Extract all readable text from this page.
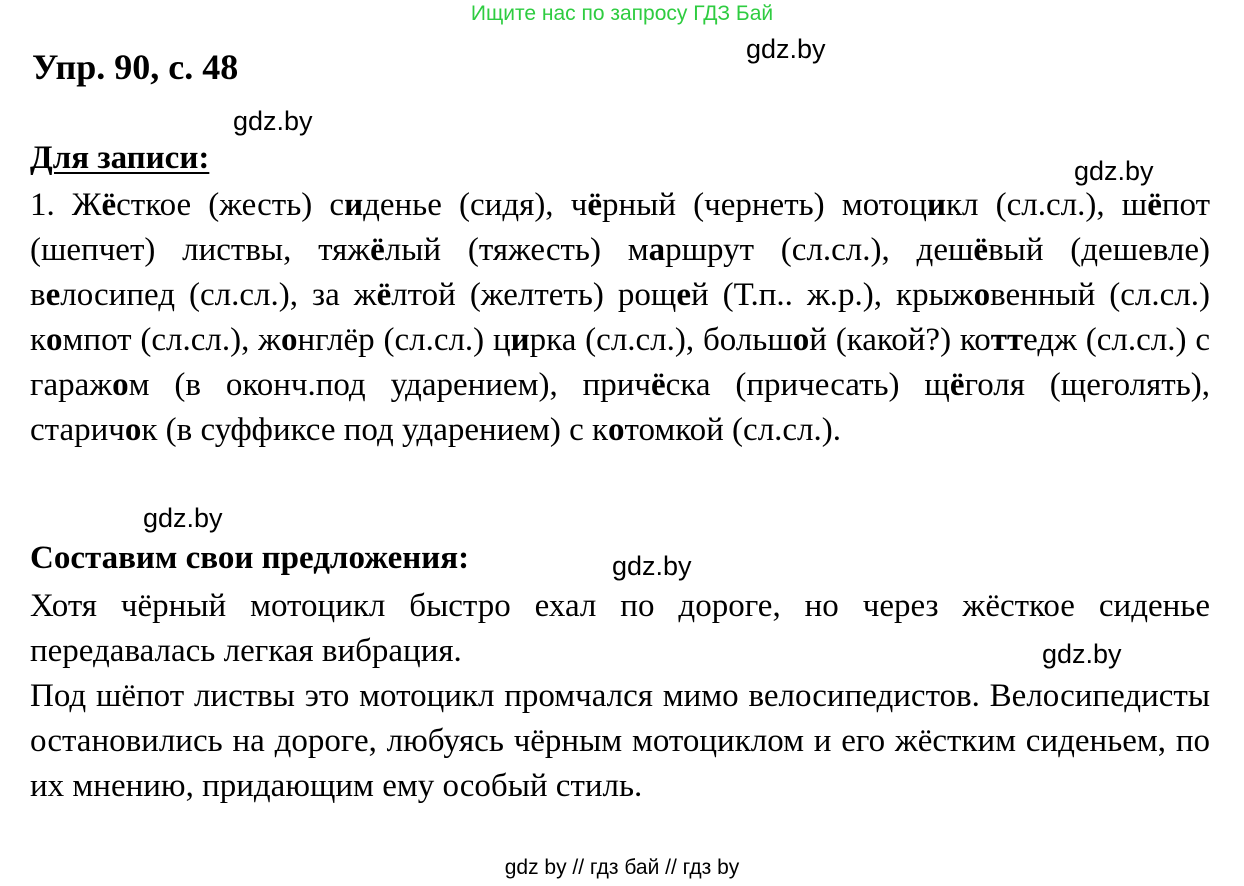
Ищите нас по запросу ГДЗ Бай
Упр. 90, с. 48	gdz.by
gdz.by
gdz.by
gdz.by
gdz.by
gdz.by
Для записи:

1. Жёсткое (жесть) сиденье (сидя), чёрный (чернеть) мотоцикл (сл.сл.), шёпот (шепчет) листвы, тяжёлый (тяжесть) маршрут (сл.сл.), дешёвый (дешевле) велосипед (сл.сл.), за жёлтой (желтеть) рощей (Т.п.. ж.р.), крыжовенный (сл.сл.) компот (сл.сл.), жонглёр (сл.сл.) цирка (сл.сл.), большой (какой?) коттедж (сл.сл.) с гаражом (в оконч.под ударением), причёска (причесать) щёголя (щеголять), старичок (в суффиксе под ударением) с котомкой (сл.сл.).

Составим свои предложения:

Хотя чёрный мотоцикл быстро ехал по дороге, но через жёсткое сиденье передавалась легкая вибрация.

Под шёпот листвы это мотоцикл промчался мимо велосипедистов. Велосипедисты остановились на дороге, любуясь чёрным мотоциклом и его жёстким сиденьем, по их мнению, придающим ему особый стиль.

gdz by // гдз бай // гдз by
